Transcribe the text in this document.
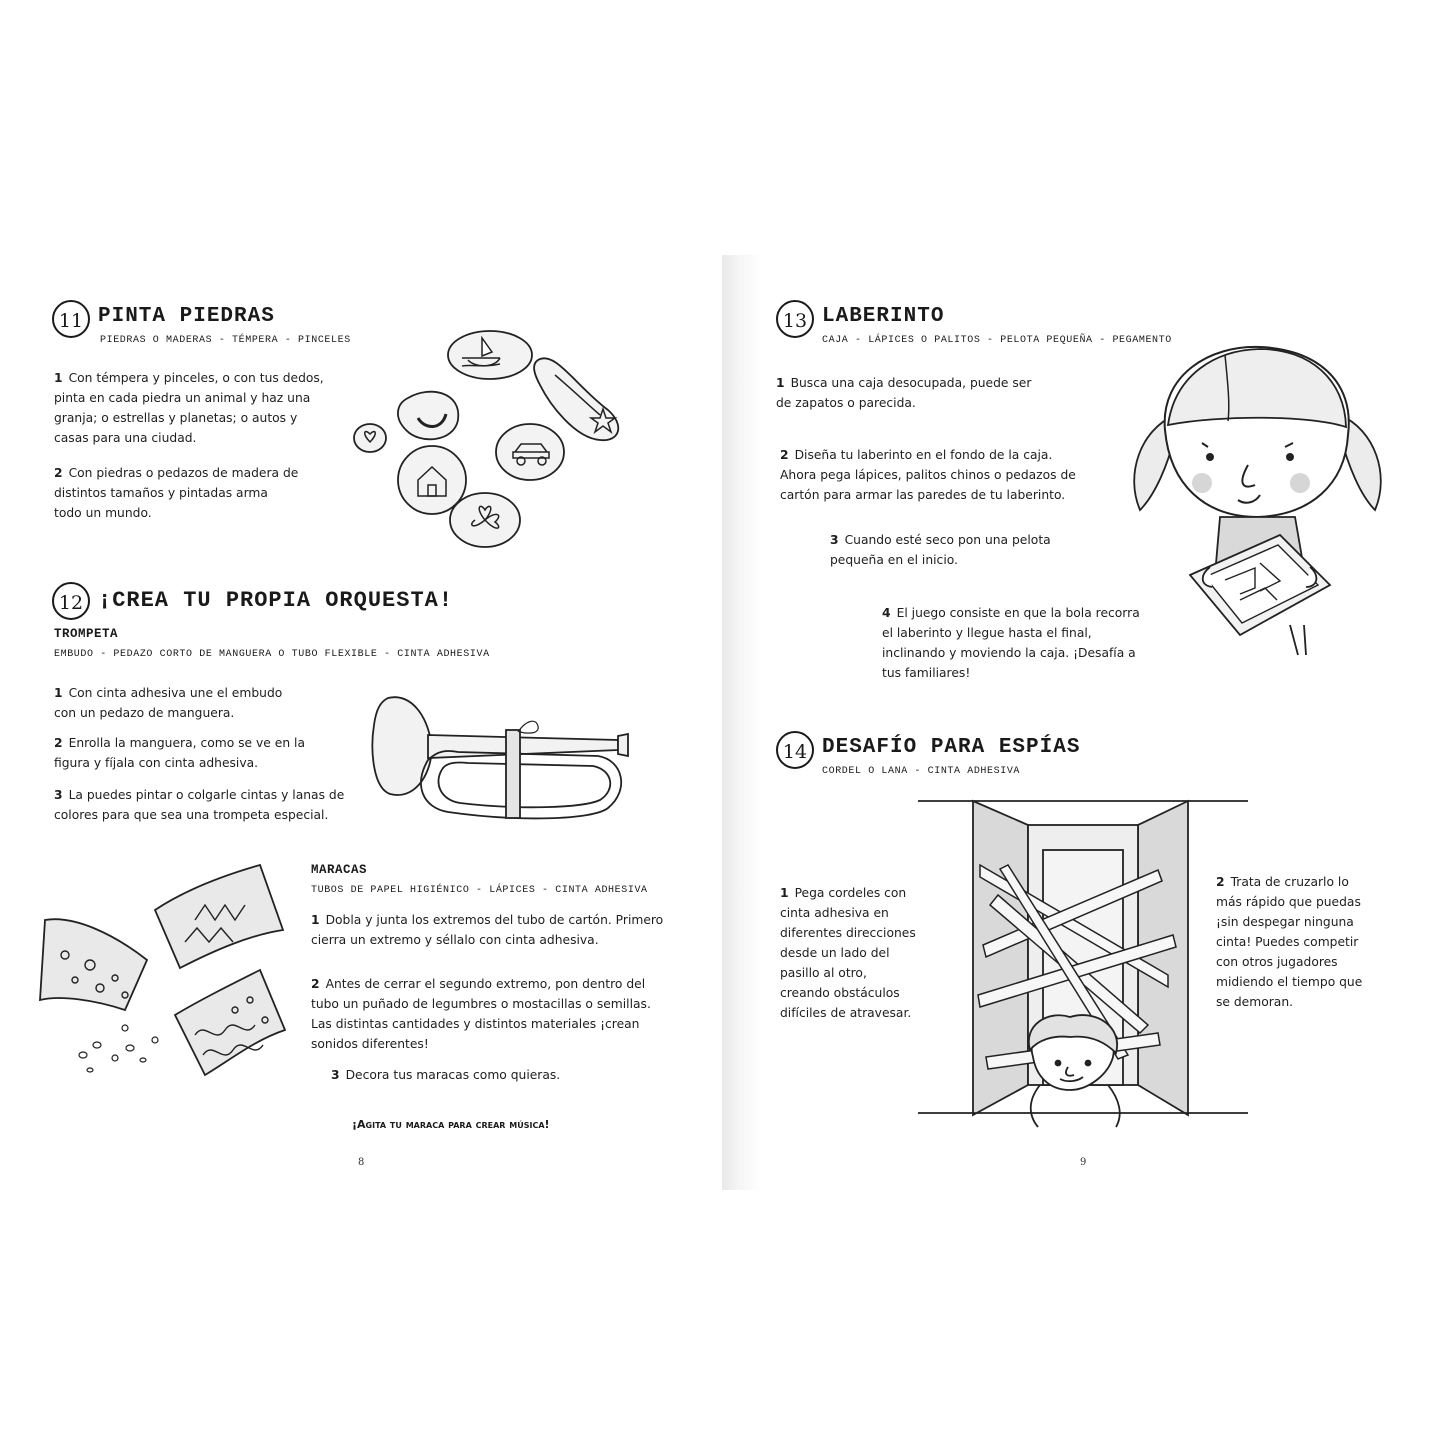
11 PINTA PIEDRAS
PIEDRAS O MADERAS - TÉMPERA - PINCELES
1 Con témpera y pinceles, o con tus dedos,
pinta en cada piedra un animal y haz una
granja; o estrellas y planetas; o autos y
casas para una ciudad.
2 Con piedras o pedazos de madera de
distintos tamaños y pintadas arma
todo un mundo.
12 ¡CREA TU PROPIA ORQUESTA!
TROMPETA
EMBUDO - PEDAZO CORTO DE MANGUERA O TUBO FLEXIBLE - CINTA ADHESIVA
1 Con cinta adhesiva une el embudo
con un pedazo de manguera.
2 Enrolla la manguera, como se ve en la
figura y fíjala con cinta adhesiva.
3 La puedes pintar o colgarle cintas y lanas de
colores para que sea una trompeta especial.
MARACAS
TUBOS DE PAPEL HIGIÉNICO - LÁPICES - CINTA ADHESIVA
1 Dobla y junta los extremos del tubo de cartón. Primero
cierra un extremo y séllalo con cinta adhesiva.
2 Antes de cerrar el segundo extremo, pon dentro del
tubo un puñado de legumbres o mostacillas o semillas.
Las distintas cantidades y distintos materiales ¡crean
sonidos diferentes!
3 Decora tus maracas como quieras.
¡Agita tu maraca para crear música!
8
13 LABERINTO
CAJA - LÁPICES O PALITOS - PELOTA PEQUEÑA - PEGAMENTO
1 Busca una caja desocupada, puede ser
de zapatos o parecida.
2 Diseña tu laberinto en el fondo de la caja.
Ahora pega lápices, palitos chinos o pedazos de
cartón para armar las paredes de tu laberinto.
3 Cuando esté seco pon una pelota
pequeña en el inicio.
4 El juego consiste en que la bola recorra
el laberinto y llegue hasta el final,
inclinando y moviendo la caja. ¡Desafía a
tus familiares!
14 DESAFÍO PARA ESPÍAS
CORDEL O LANA - CINTA ADHESIVA
1 Pega cordeles con
cinta adhesiva en
diferentes direcciones
desde un lado del
pasillo al otro,
creando obstáculos
difíciles de atravesar.
2 Trata de cruzarlo lo
más rápido que puedas
¡sin despegar ninguna
cinta! Puedes competir
con otros jugadores
midiendo el tiempo que
se demoran.
9
